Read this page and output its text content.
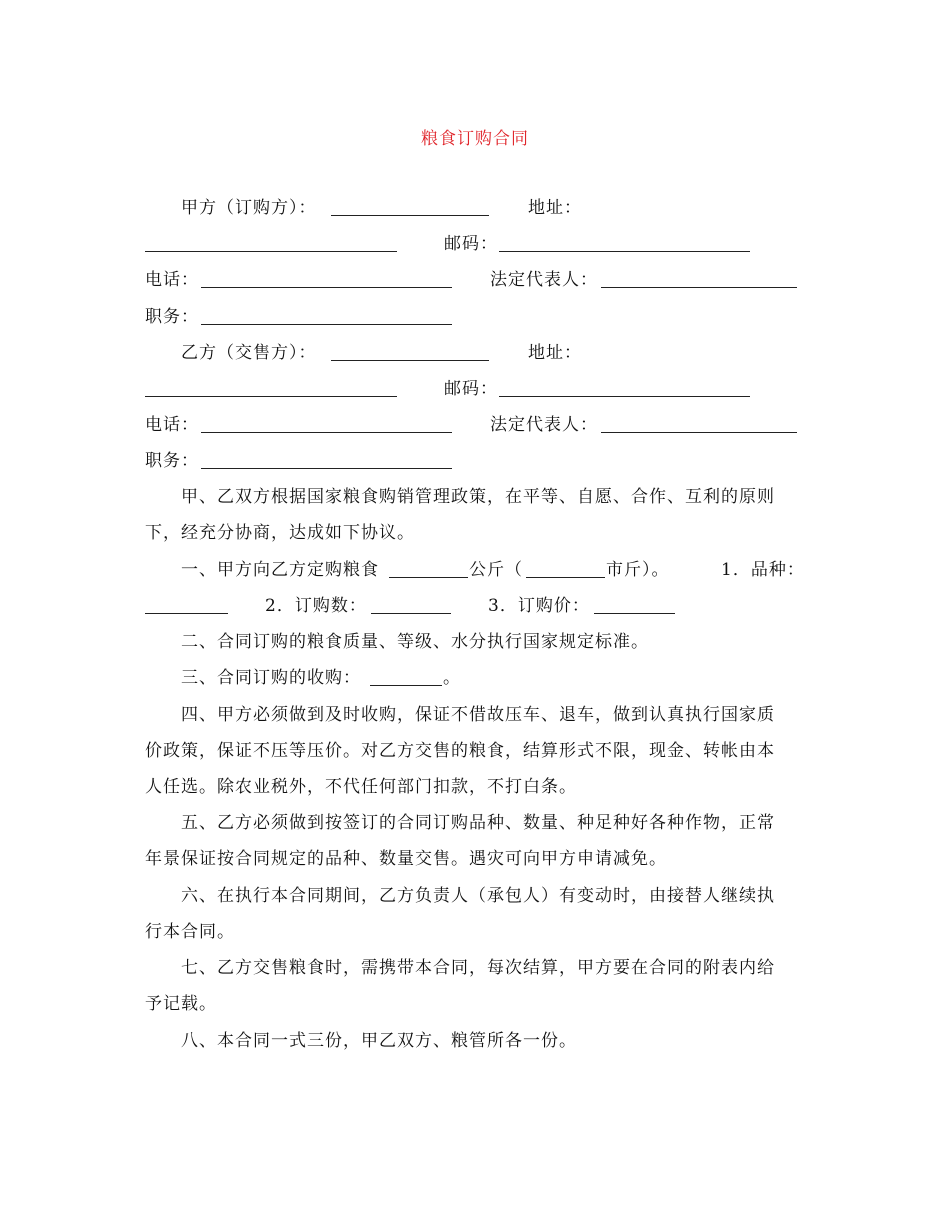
粮食订购合同
甲方（订购方）：	地址：
邮码：
电话：	法定代表人：
职务：
乙方（交售方）：	地址：
邮码：
电话：	法定代表人：
职务：
甲、乙双方根据国家粮食购销管理政策，在平等、自愿、合作、互利的原则
下，经充分协商，达成如下协议。
一、甲方向乙方定购粮食	公斤（	市斤）。	1．品种：
2．订购数：	3．订购价：
二、合同订购的粮食质量、等级、水分执行国家规定标准。
三、合同订购的收购：	。
四、甲方必须做到及时收购，保证不借故压车、退车，做到认真执行国家质
价政策，保证不压等压价。对乙方交售的粮食，结算形式不限，现金、转帐由本
人任选。除农业税外，不代任何部门扣款，不打白条。
五、乙方必须做到按签订的合同订购品种、数量、种足种好各种作物，正常
年景保证按合同规定的品种、数量交售。遇灾可向甲方申请减免。
六、在执行本合同期间，乙方负责人（承包人）有变动时，由接替人继续执
行本合同。
七、乙方交售粮食时，需携带本合同，每次结算，甲方要在合同的附表内给
予记载。
八、本合同一式三份，甲乙双方、粮管所各一份。
